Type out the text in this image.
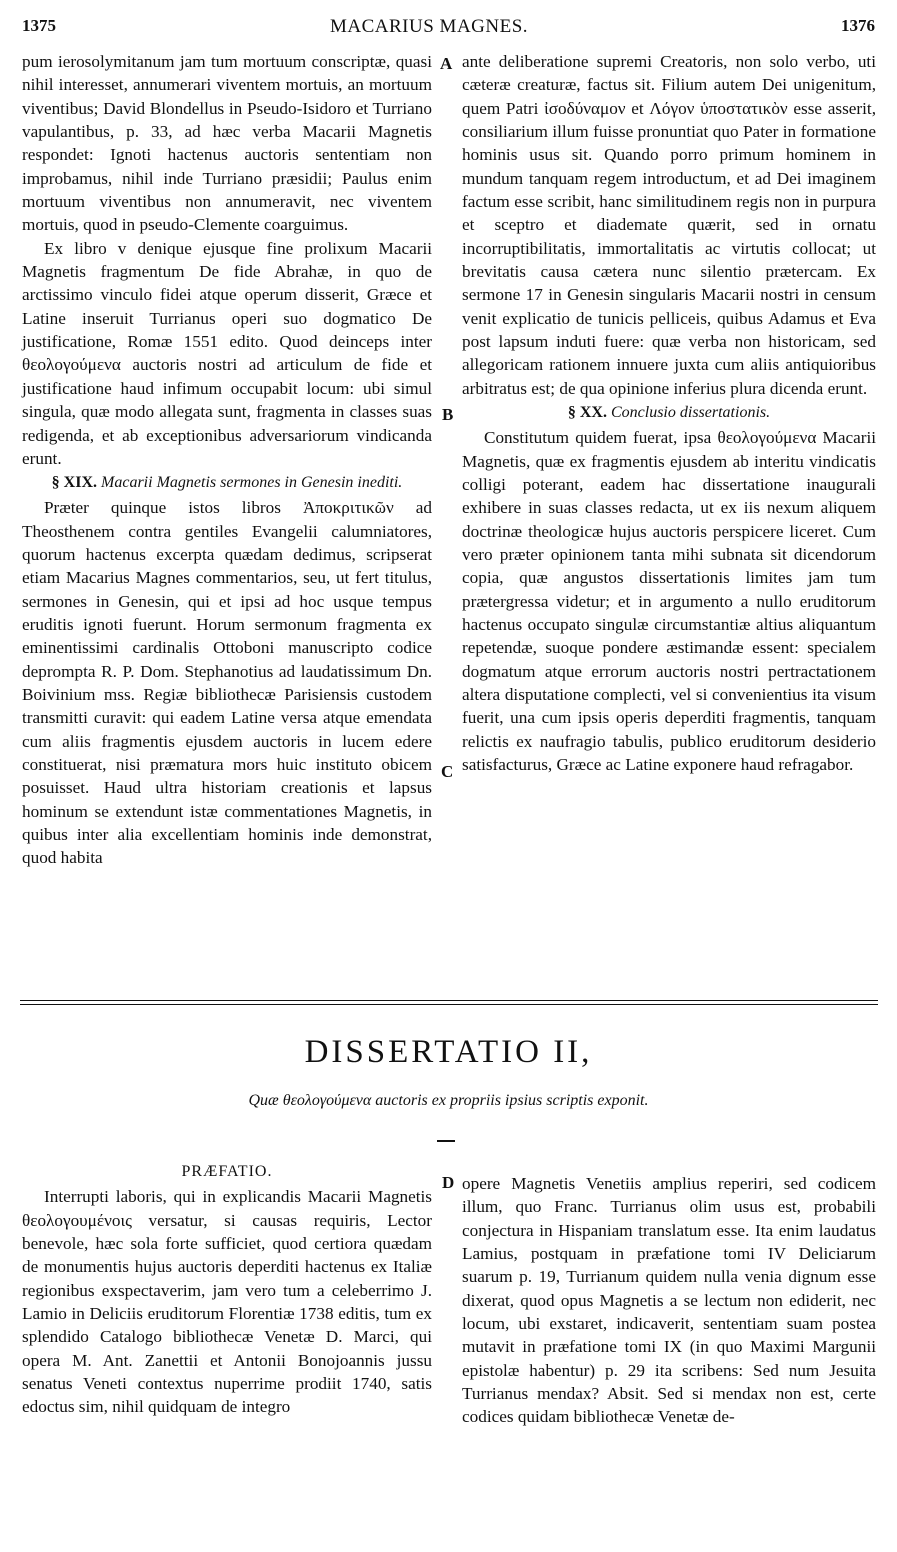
1375	MACARIUS MAGNES.	1376

pum ierosolymitanum jam tum mortuum conscriptæ, quasi nihil interesset, annumerari viventem mortuis, an mortuum viventibus; David Blondellus in Pseudo-Isidoro et Turriano vapulantibus, p. 33, ad hæc verba Macarii Magnetis respondet: Ignoti hactenus auctoris sententiam non improbamus, nihil inde Turriano præsidii; Paulus enim mortuum viventibus non annumeravit, nec viventem mortuis, quod in pseudo-Clemente coarguimus.

Ex libro v denique ejusque fine prolixum Macarii Magnetis fragmentum De fide Abrahæ, in quo de arctissimo vinculo fidei atque operum disserit, Græce et Latine inseruit Turrianus operi suo dogmatico De justificatione, Romæ 1551 edito. Quod deinceps inter θεολογούμενα auctoris nostri ad articulum de fide et justificatione haud infimum occupabit locum: ubi simul singula, quæ modo allegata sunt, fragmenta in classes suas redigenda, et ab exceptionibus adversariorum vindicanda erunt.

§ XIX. Macarii Magnetis sermones in Genesin inediti.

Præter quinque istos libros Ἀποκριτικῶν ad Theosthenem contra gentiles Evangelii calumniatores, quorum hactenus excerpta quædam dedimus, scripserat etiam Macarius Magnes commentarios, seu, ut fert titulus, sermones in Genesin, qui et ipsi ad hoc usque tempus eruditis ignoti fuerunt. Horum sermonum fragmenta ex eminentissimi cardinalis Ottoboni manuscripto codice deprompta R. P. Dom. Stephanotius ad laudatissimum Dn. Boivinium mss. Regiæ bibliothecæ Parisiensis custodem transmitti curavit: qui eadem Latine versa atque emendata cum aliis fragmentis ejusdem auctoris in lucem edere constituerat, nisi præmatura mors huic instituto obicem posuisset. Haud ultra historiam creationis et lapsus hominum se extendunt istæ commentationes Magnetis, in quibus inter alia excellentiam hominis inde demonstrat, quod habita

A
B
C

ante deliberatione supremi Creatoris, non solo verbo, uti cæteræ creaturæ, factus sit. Filium autem Dei unigenitum, quem Patri ἰσοδύναμον et Λόγον ὑποστατικὸν esse asserit, consiliarium illum fuisse pronuntiat quo Pater in formatione hominis usus sit. Quando porro primum hominem in mundum tanquam regem introductum, et ad Dei imaginem factum esse scribit, hanc similitudinem regis non in purpura et sceptro et diademate quærit, sed in ornatu incorruptibilitatis, immortalitatis ac virtutis collocat; ut brevitatis causa cætera nunc silentio prætercam. Ex sermone 17 in Genesin singularis Macarii nostri in censum venit explicatio de tunicis pelliceis, quibus Adamus et Eva post lapsum induti fuere: quæ verba non historicam, sed allegoricam rationem innuere juxta cum aliis antiquioribus arbitratus est; de qua opinione inferius plura dicenda erunt.

§ XX. Conclusio dissertationis.

Constitutum quidem fuerat, ipsa θεολογούμενα Macarii Magnetis, quæ ex fragmentis ejusdem ab interitu vindicatis colligi poterant, eadem hac dissertatione inaugurali exhibere in suas classes redacta, ut ex iis nexum aliquem doctrinæ theologicæ hujus auctoris perspicere liceret. Cum vero præter opinionem tanta mihi subnata sit dicendorum copia, quæ angustos dissertationis limites jam tum prætergressa videtur; et in argumento a nullo eruditorum hactenus occupato singulæ circumstantiæ altius aliquantum repetendæ, suoque pondere æstimandæ essent: specialem dogmatum atque errorum auctoris nostri pertractationem altera disputatione complecti, vel si convenientius ita visum fuerit, una cum ipsis operis deperditi fragmentis, tanquam relictis ex naufragio tabulis, publico eruditorum desiderio satisfacturus, Græce ac Latine exponere haud refragabor.

DISSERTATIO II,
Quæ θεολογούμενα auctoris ex propriis ipsius scriptis exponit.
PRÆFATIO.

Interrupti laboris, qui in explicandis Macarii Magnetis θεολογουμένοις versatur, si causas requiris, Lector benevole, hæc sola forte sufficiet, quod certiora quædam de monumentis hujus auctoris deperditi hactenus ex Italiæ regionibus exspectaverim, jam vero tum a celeberrimo J. Lamio in Deliciis eruditorum Florentiæ 1738 editis, tum ex splendido Catalogo bibliothecæ Venetæ D. Marci, qui opera M. Ant. Zanettii et Antonii Bonojoannis jussu senatus Veneti contextus nuperrime prodiit 1740, satis edoctus sim, nihil quidquam de integro

D opere Magnetis Venetiis amplius reperiri, sed codicem illum, quo Franc. Turrianus olim usus est, probabili conjectura in Hispaniam translatum esse. Ita enim laudatus Lamius, postquam in præfatione tomi IV Deliciarum suarum p. 19, Turrianum quidem nulla venia dignum esse dixerat, quod opus Magnetis a se lectum non ediderit, nec locum, ubi exstaret, indicaverit, sententiam suam postea mutavit in præfatione tomi IX (in quo Maximi Margunii epistolæ habentur) p. 29 ita scribens: Sed num Jesuita Turrianus mendax? Absit. Sed si mendax non est, certe codices quidam bibliothecæ Venetæ de-
